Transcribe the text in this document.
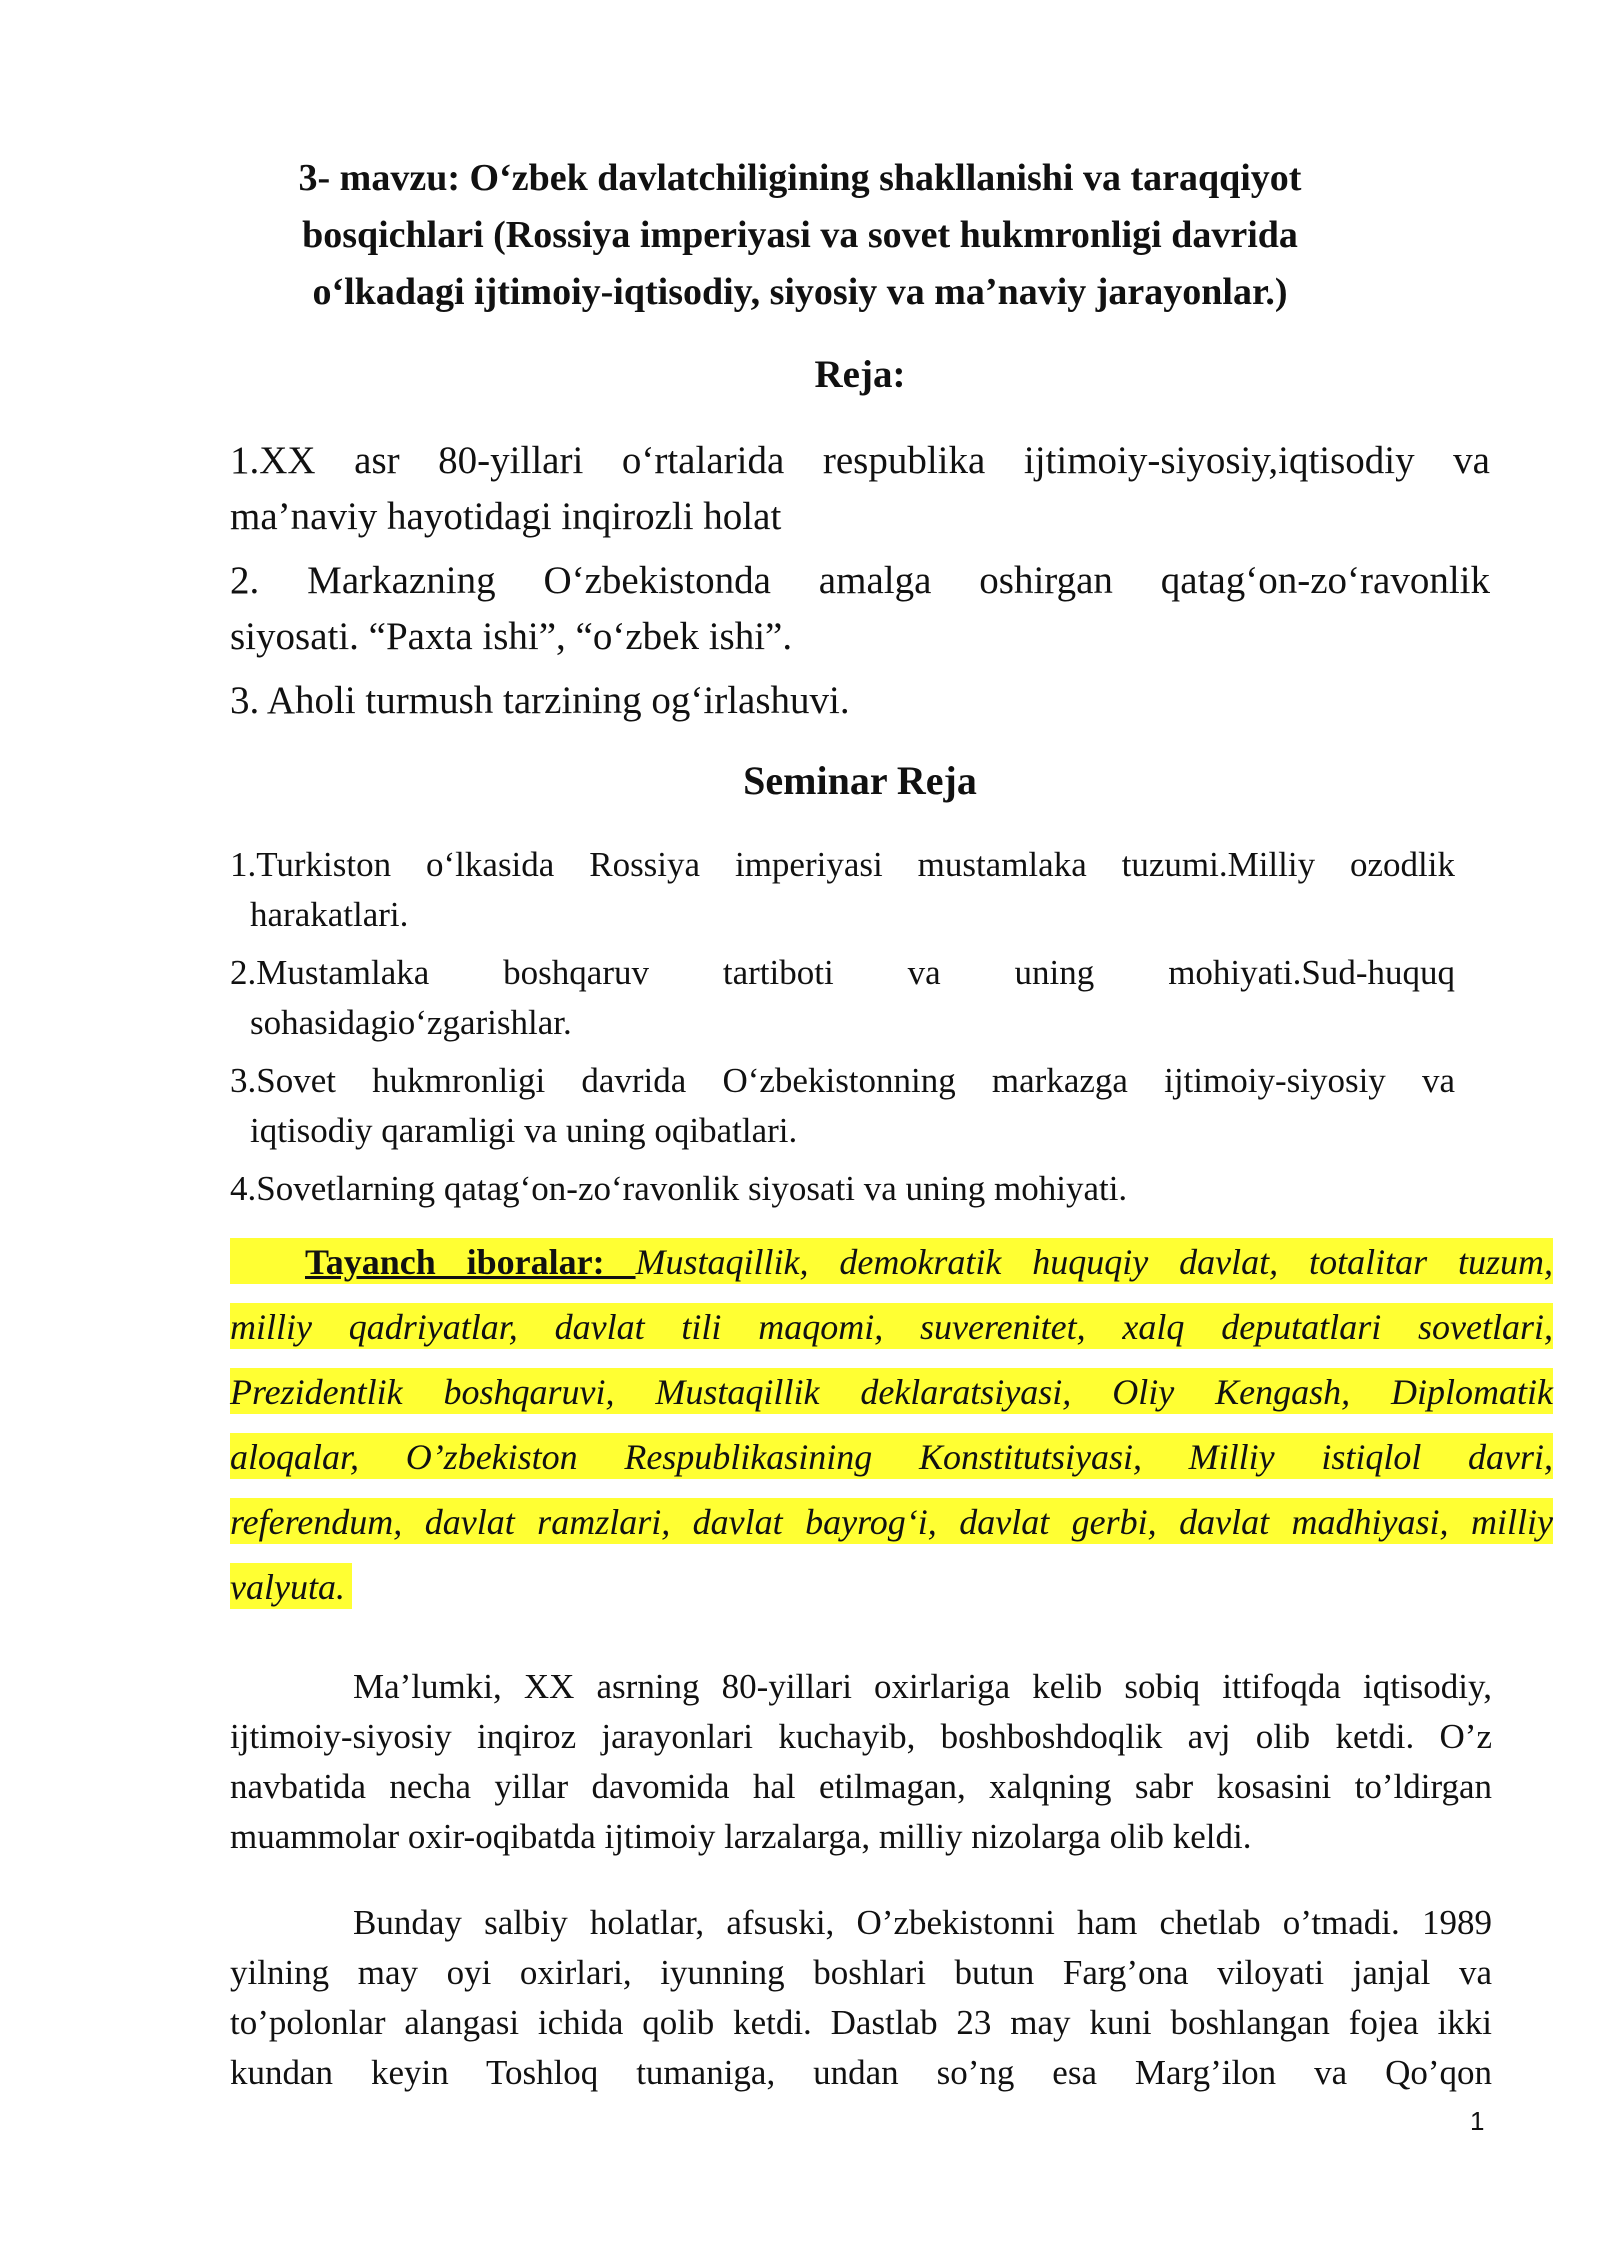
3- mavzu: O‘zbek davlatchiligining shakllanishi va taraqqiyot
bosqichlari (Rossiya imperiyasi va sovet hukmronligi davrida
o‘lkadagi ijtimoiy-iqtisodiy, siyosiy va ma’naviy jarayonlar.)
Reja:

1.XX asr 80-yillari o‘rtalarida respublika ijtimoiy-siyosiy,iqtisodiy va
ma’naviy hayotidagi inqirozli holat

2. Markazning O‘zbekistonda amalga oshirgan qatag‘on-zo‘ravonlik
siyosati. “Paxta ishi”, “o‘zbek ishi”.

3. Aholi turmush tarzining og‘irlashuvi.

Seminar Reja

1.Turkiston o‘lkasida Rossiya imperiyasi mustamlaka tuzumi.Milliy ozodlik
harakatlari.

2.Mustamlaka boshqaruv tartiboti va uning mohiyati.Sud-huquq
sohasidagio‘zgarishlar.

3.Sovet hukmronligi davrida O‘zbekistonning markazga ijtimoiy-siyosiy va
iqtisodiy qaramligi va uning oqibatlari.

4.Sovetlarning qatag‘on-zo‘ravonlik siyosati va uning mohiyati.

Tayanch iboralar: Mustaqillik, demokratik huquqiy davlat, totalitar tuzum,
milliy qadriyatlar, davlat tili maqomi, suverenitet, xalq deputatlari sovetlari,
Prezidentlik boshqaruvi, Mustaqillik deklaratsiyasi, Oliy Kengash, Diplomatik
aloqalar, O’zbekiston Respublikasining Konstitutsiyasi, Milliy istiqlol davri,
referendum, davlat ramzlari, davlat bayrog‘i, davlat gerbi, davlat madhiyasi, milliy
valyuta.
Ma’lumki, XX asrning 80-yillari oxirlariga kelib sobiq ittifoqda iqtisodiy,
ijtimoiy-siyosiy inqiroz jarayonlari kuchayib, boshboshdoqlik avj olib ketdi. O’z
navbatida necha yillar davomida hal etilmagan, xalqning sabr kosasini to’ldirgan
muammolar oxir-oqibatda ijtimoiy larzalarga, milliy nizolarga olib keldi.
Bunday salbiy holatlar, afsuski, O’zbekistonni ham chetlab o’tmadi. 1989
yilning may oyi oxirlari, iyunning boshlari butun Farg’ona viloyati janjal va
to’polonlar alangasi ichida qolib ketdi. Dastlab 23 may kuni boshlangan fojea ikki
kundan keyin Toshloq tumaniga, undan so’ng esa Marg’ilon va Qo’qon
1
